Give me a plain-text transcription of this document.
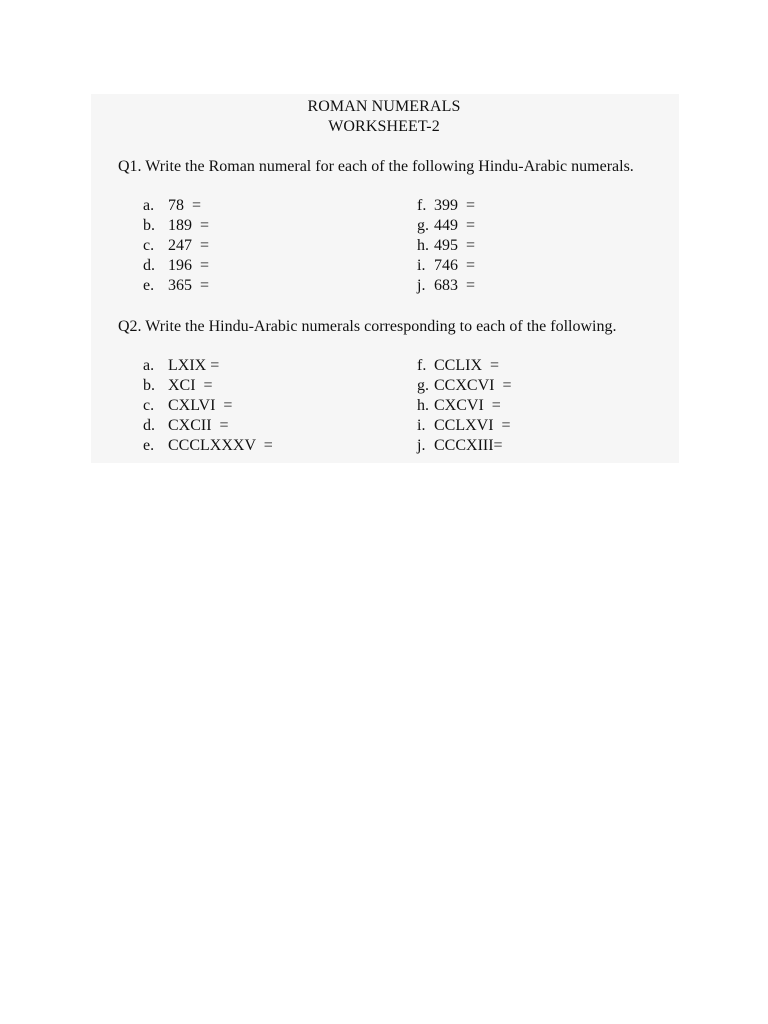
ROMAN NUMERALS
WORKSHEET-2
Q1. Write the Roman numeral for each of the following Hindu-Arabic numerals.
a. 78  =
b. 189  =
c. 247  =
d. 196  =
e. 365  =
f. 399  =
g. 449  =
h. 495  =
i. 746  =
j. 683  =
Q2. Write the Hindu-Arabic numerals corresponding to each of the following.
a. LXIX =
b. XCI  =
c. CXLVI  =
d. CXCII  =
e. CCCLXXXV  =
f. CCLIX  =
g. CCXCVI  =
h. CXCVI  =
i. CCLXVI  =
j. CCCXIII=
